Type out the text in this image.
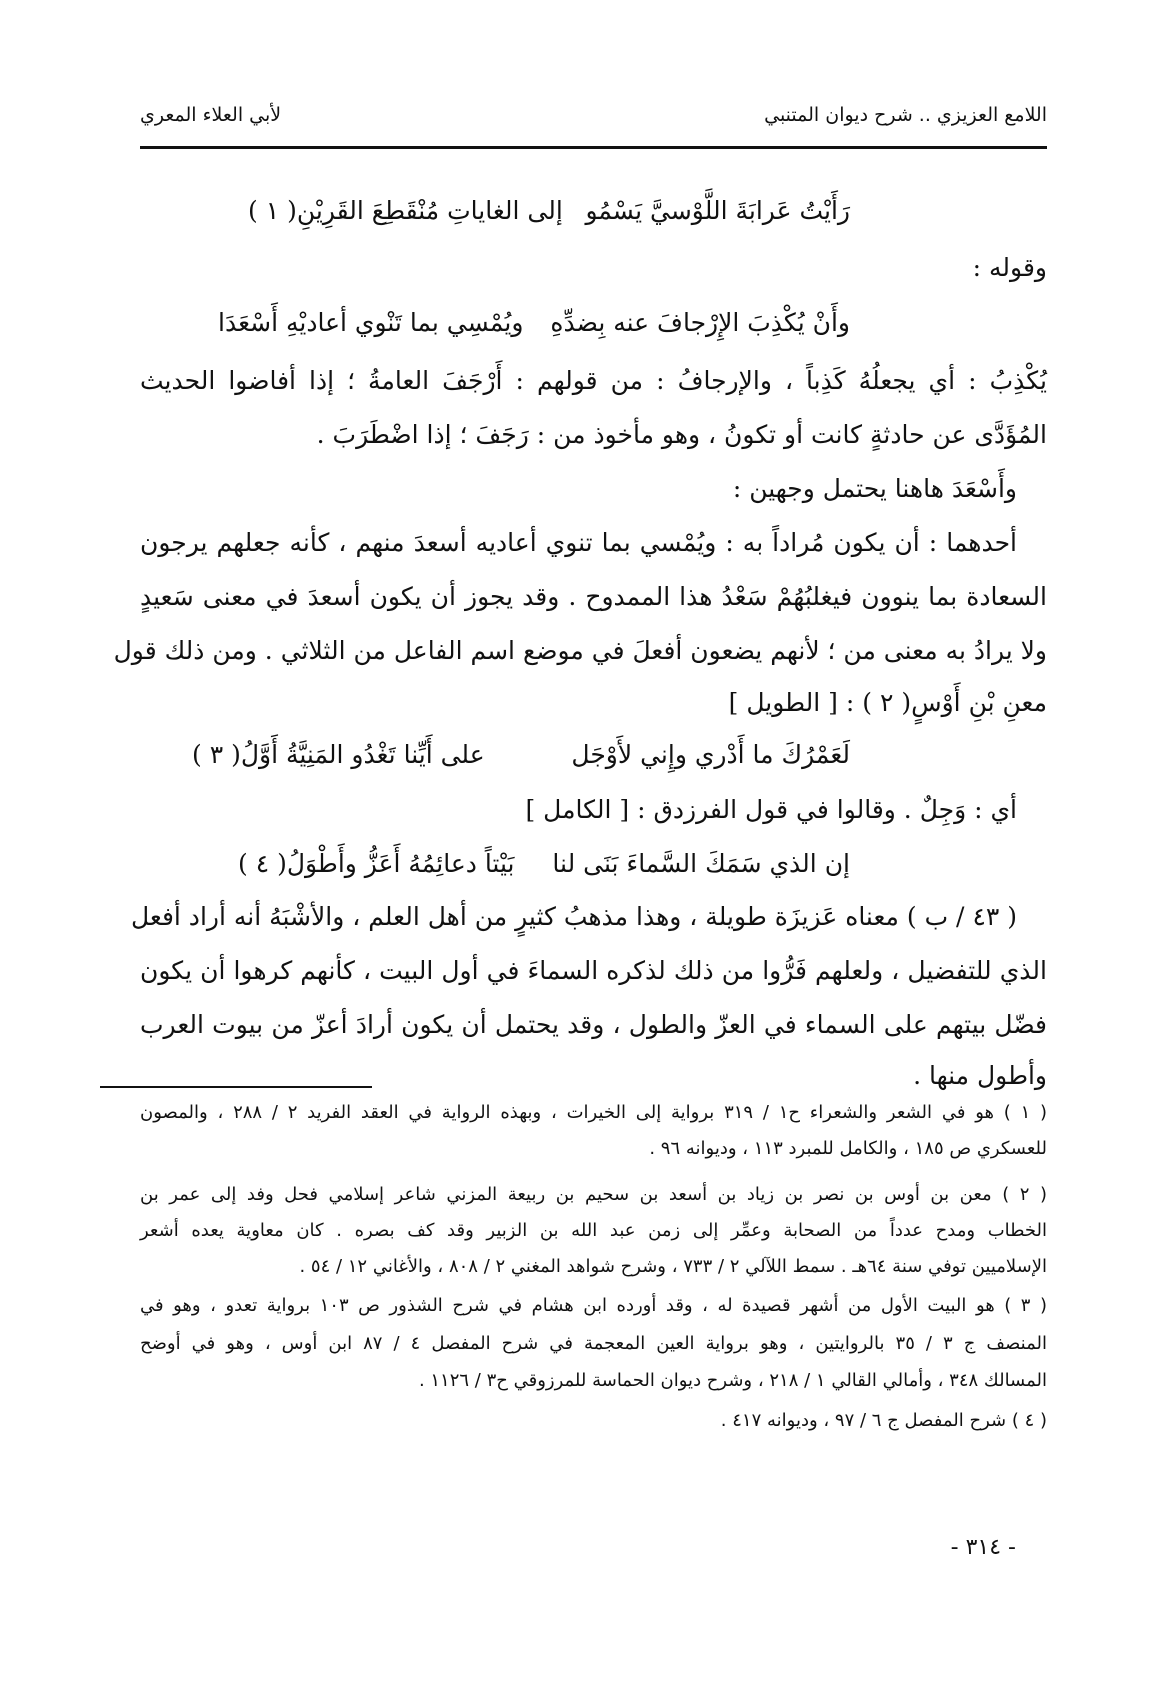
اللامع العزيزي .. شرح ديوان المتنبي
لأبي العلاء المعري
رَأَيْتُ عَرابَةَ اللَّوْسيَّ يَسْمُو
إلى الغاياتِ مُنْقَطِعَ القَرِيْنِ( ١ )
وقوله :
وأَنْ يُكْذِبَ الإِرْجافَ عنه بِضدِّهِ
ويُمْسِي بما تَنْوي أعاديْهِ أَسْعَدَا
يُكْذِبُ : أي يجعلُهُ كَذِباً ، والإرجافُ : من قولهم : أَرْجَفَ العامةُ ؛ إذا أفاضوا الحديث
المُؤَدَّى عن حادثةٍ كانت أو تكونُ ، وهو مأخوذ من : رَجَفَ ؛ إذا اضْطَرَبَ .
وأَسْعَدَ هاهنا يحتمل وجهين :
أحدهما : أن يكون مُراداً به : ويُمْسي بما تنوي أعاديه أسعدَ منهم ، كأنه جعلهم يرجون
السعادة بما ينوون فيغلبُهُمْ سَعْدُ هذا الممدوح . وقد يجوز أن يكون أسعدَ في معنى سَعيدٍ
ولا يرادُ به معنى من ؛ لأنهم يضعون أفعلَ في موضع اسم الفاعل من الثلاثي . ومن ذلك قول
معنِ بْنِ أَوْسٍ( ٢ ) : [ الطويل ]
لَعَمْرُكَ ما أَدْري وإِني لأَوْجَل
على أَيِّنا تَغْدُو المَنِيَّةُ أَوَّلُ( ٣ )
أي : وَجِلٌ . وقالوا في قول الفرزدق : [ الكامل ]
إن الذي سَمَكَ السَّماءَ بَنَى لنا
بَيْتاً دعائِمُهُ أَعَزُّ وأَطْوَلُ( ٤ )
( ٤٣ / ب ) معناه عَزيزَة طويلة ، وهذا مذهبُ كثيرٍ من أهل العلم ، والأشْبَهُ أنه أراد أفعل
الذي للتفضيل ، ولعلهم فَرُّوا من ذلك لذكره السماءَ في أول البيت ، كأنهم كرهوا أن يكون
فضّل بيتهم على السماء في العزّ والطول ، وقد يحتمل أن يكون أرادَ أعزّ من بيوت العرب
وأطول منها .
( ١ ) هو في الشعر والشعراء ح١ / ٣١٩ برواية إلى الخيرات ، وبهذه الرواية في العقد الفريد ٢ / ٢٨٨ ، والمصون
للعسكري ص ١٨٥ ، والكامل للمبرد ١١٣ ، وديوانه ٩٦ .
( ٢ ) معن بن أوس بن نصر بن زياد بن أسعد بن سحيم بن ربيعة المزني شاعر إسلامي فحل وفد إلى عمر بن
الخطاب ومدح عدداً من الصحابة وعمِّر إلى زمن عبد الله بن الزبير وقد كف بصره . كان معاوية يعده أشعر
الإسلاميين توفي سنة ٦٤هـ . سمط اللآلي ٢ / ٧٣٣ ، وشرح شواهد المغني ٢ / ٨٠٨ ، والأغاني ١٢ / ٥٤ .
( ٣ ) هو البيت الأول من أشهر قصيدة له ، وقد أورده ابن هشام في شرح الشذور ص ١٠٣ برواية تعدو ، وهو في
المنصف ج ٣ / ٣٥ بالروايتين ، وهو برواية العين المعجمة في شرح المفصل ٤ / ٨٧ ابن أوس ، وهو في أوضح
المسالك ٣٤٨ ، وأمالي القالي ١ / ٢١٨ ، وشرح ديوان الحماسة للمرزوقي ح٣ / ١١٢٦ .
( ٤ ) شرح المفصل ج ٦ / ٩٧ ، وديوانه ٤١٧ .
- ٣١٤ -
